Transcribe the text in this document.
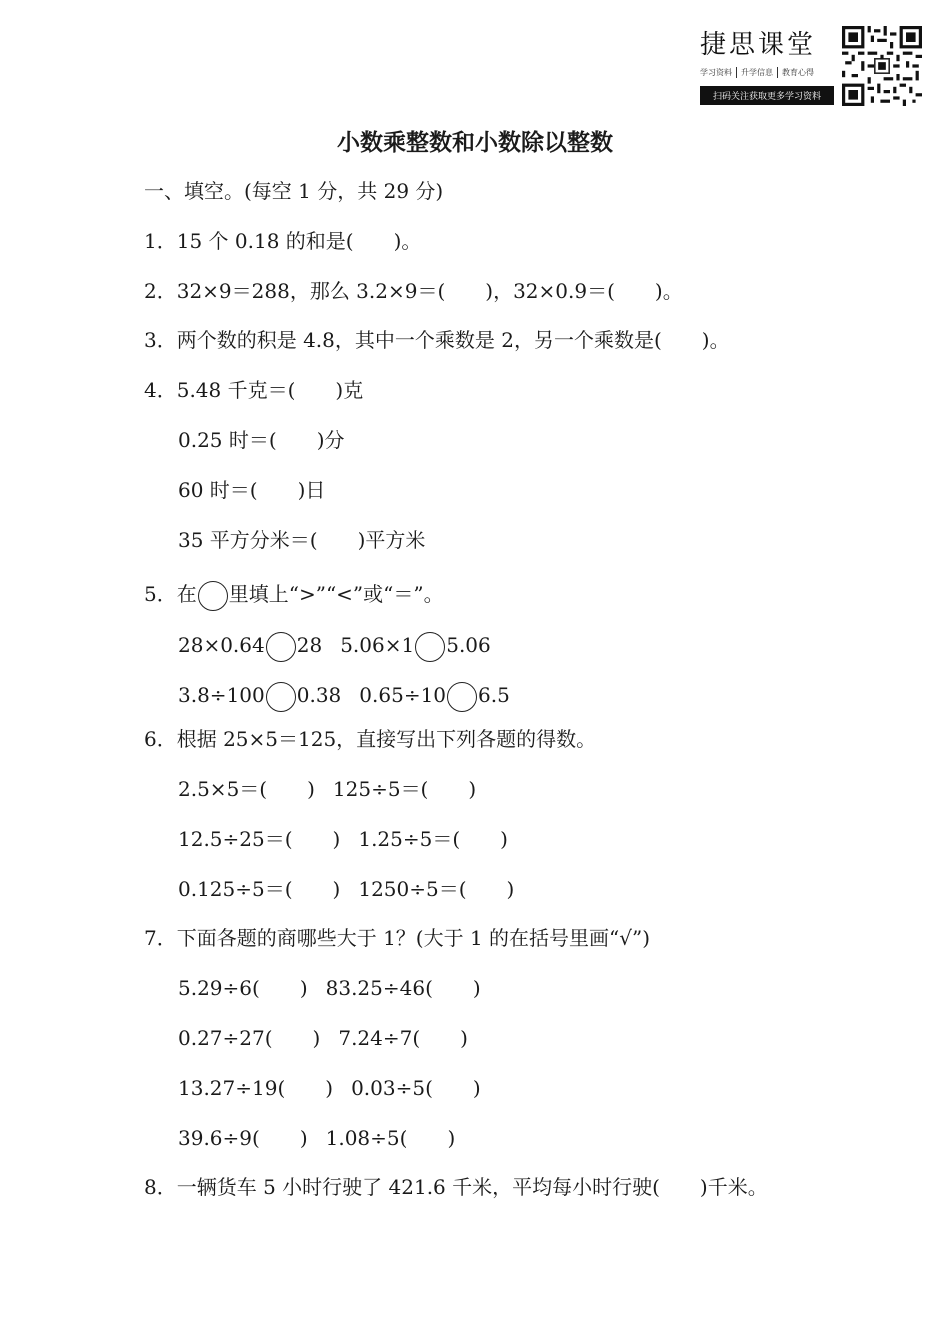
捷思课堂
学习资料	升学信息	教育心得
扫码关注获取更多学习资料
小数乘整数和小数除以整数
一、填空。(每空 1 分，共 29 分)
1．15 个 0.18 的和是(　　)。
2．32×9＝288，那么 3.2×9＝(　　)，32×0.9＝(　　)。
3．两个数的积是 4.8，其中一个乘数是 2，另一个乘数是(　　)。
4．5.48 千克＝(　　)克
0.25 时＝(　　)分
60 时＝(　　)日
35 平方分米＝(　　)平方米
5．在 里填上“>”“<”或“＝”。
28×0.64 28 5.06×1 5.06
3.8÷100 0.38 0.65÷10 6.5
6．根据 25×5＝125，直接写出下列各题的得数。
2.5×5＝(　　) 125÷5＝(　　)
12.5÷25＝(　　) 1.25÷5＝(　　)
0.125÷5＝(　　) 1250÷5＝(　　)
7．下面各题的商哪些大于 1？(大于 1 的在括号里画“√”)
5.29÷6(　　) 83.25÷46(　　)
0.27÷27(　　) 7.24÷7(　　)
13.27÷19(　　) 0.03÷5(　　)
39.6÷9(　　) 1.08÷5(　　)
8．一辆货车 5 小时行驶了 421.6 千米，平均每小时行驶(　　)千米。
